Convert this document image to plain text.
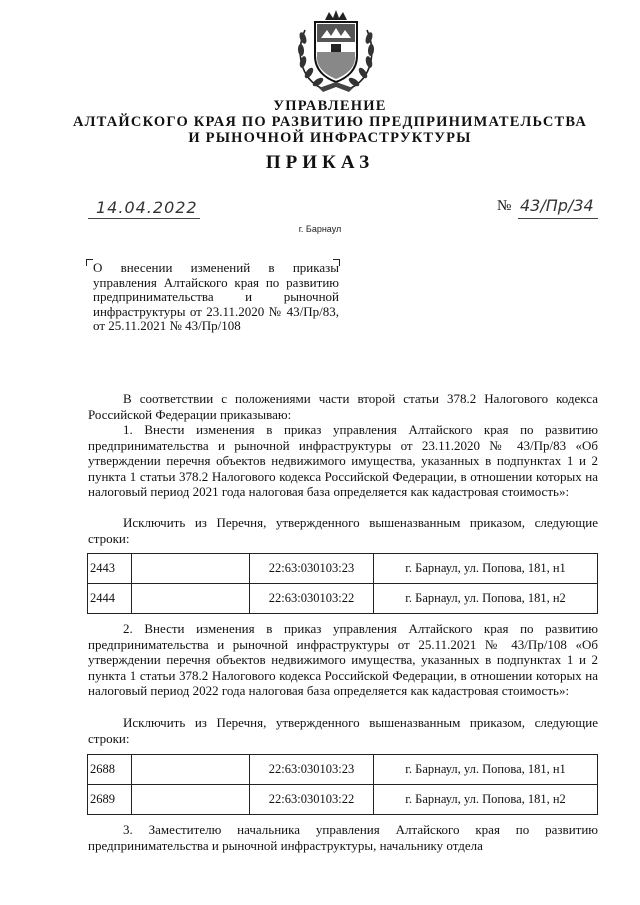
УПРАВЛЕНИЕ
АЛТАЙСКОГО КРАЯ ПО РАЗВИТИЮ ПРЕДПРИНИМАТЕЛЬСТВА
И РЫНОЧНОЙ ИНФРАСТРУКТУРЫ
ПРИКАЗ
14.04.2022	№ 43/Пр/34
г. Барнаул
О внесении изменений в приказы управления Алтайского края по развитию предпринимательства и рыночной инфраструктуры от 23.11.2020 № 43/Пр/83, от 25.11.2021 № 43/Пр/108
В соответствии с положениями части второй статьи 378.2 Налогового кодекса Российской Федерации приказываю:
1. Внести изменения в приказ управления Алтайского края по развитию предпринимательства и рыночной инфраструктуры от 23.11.2020 № 43/Пр/83 «Об утверждении перечня объектов недвижимого имущества, указанных в подпунктах 1 и 2 пункта 1 статьи 378.2 Налогового кодекса Российской Федерации, в отношении которых на налоговый период 2021 года налоговая база определяется как кадастровая стоимость»:
Исключить из Перечня, утвержденного вышеназванным приказом, следующие строки:
2443		22:63:030103:23	г. Барнаул, ул. Попова, 181, н1
2444		22:63:030103:22	г. Барнаул, ул. Попова, 181, н2
2. Внести изменения в приказ управления Алтайского края по развитию предпринимательства и рыночной инфраструктуры от 25.11.2021 № 43/Пр/108 «Об утверждении перечня объектов недвижимого имущества, указанных в подпунктах 1 и 2 пункта 1 статьи 378.2 Налогового кодекса Российской Федерации, в отношении которых на налоговый период 2022 года налоговая база определяется как кадастровая стоимость»:
Исключить из Перечня, утвержденного вышеназванным приказом, следующие строки:
2688		22:63:030103:23	г. Барнаул, ул. Попова, 181, н1
2689		22:63:030103:22	г. Барнаул, ул. Попова, 181, н2
3. Заместителю начальника управления Алтайского края по развитию предпринимательства и рыночной инфраструктуры, начальнику отдела
